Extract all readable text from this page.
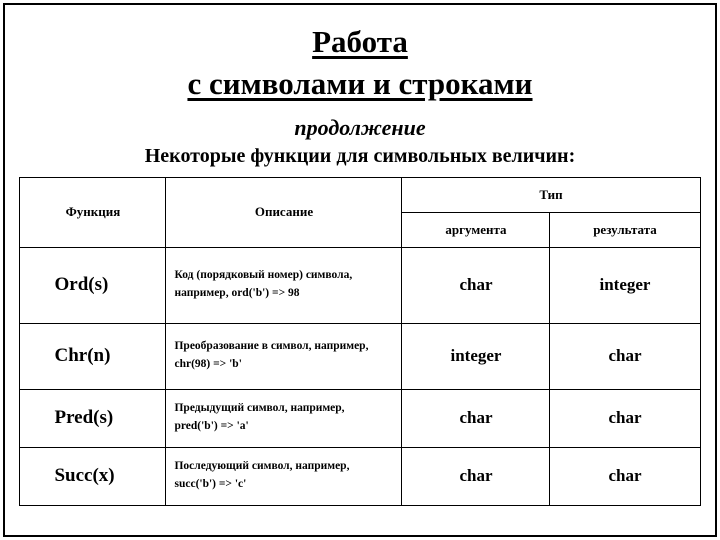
Работа
с символами и строками
продолжение
Некоторые функции для символьных величин:
Функция	Описание	Тип	
		аргумента	результата
Ord(s)	Код (порядковый номер) символа, например, ord('b') => 98	char	integer
Chr(n)	Преобразование в символ, например, chr(98) => 'b'	integer	char
Pred(s)	Предыдущий символ, например, pred('b') => 'a'	char	char
Succ(x)	Последующий символ, например, succ('b') => 'c'	char	char
